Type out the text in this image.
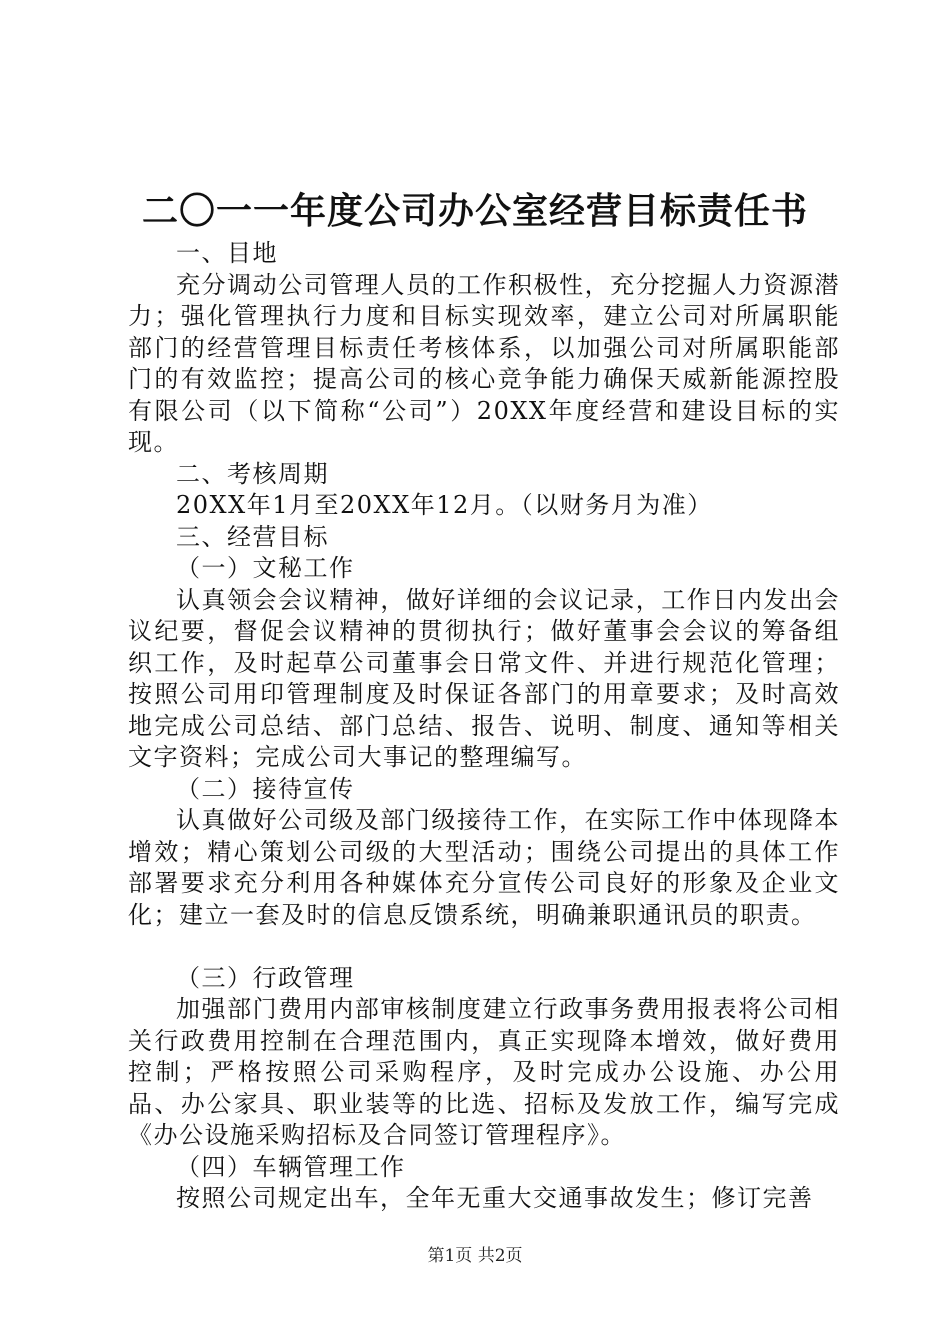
二〇一一年度公司办公室经营目标责任书

一、目地

充分调动公司管理人员的工作积极性，充分挖掘人力资源潜力；强化管理执行力度和目标实现效率，建立公司对所属职能部门的经营管理目标责任考核体系，以加强公司对所属职能部门的有效监控；提高公司的核心竞争能力确保天威新能源控股有限公司（以下简称“公司”）20XX年度经营和建设目标的实现。

二、考核周期

20XX年1月至20XX年12月。（以财务月为准）

三、经营目标

（一）文秘工作

认真领会会议精神，做好详细的会议记录，工作日内发出会议纪要，督促会议精神的贯彻执行；做好董事会会议的筹备组织工作，及时起草公司董事会日常文件、并进行规范化管理；按照公司用印管理制度及时保证各部门的用章要求；及时高效地完成公司总结、部门总结、报告、说明、制度、通知等相关文字资料；完成公司大事记的整理编写。

（二）接待宣传

认真做好公司级及部门级接待工作，在实际工作中体现降本增效；精心策划公司级的大型活动；围绕公司提出的具体工作部署要求充分利用各种媒体充分宣传公司良好的形象及企业文化；建立一套及时的信息反馈系统，明确兼职通讯员的职责。

（三）行政管理

加强部门费用内部审核制度建立行政事务费用报表将公司相关行政费用控制在合理范围内，真正实现降本增效，做好费用控制；严格按照公司采购程序，及时完成办公设施、办公用品、办公家具、职业装等的比选、招标及发放工作，编写完成《办公设施采购招标及合同签订管理程序》。

（四）车辆管理工作

按照公司规定出车，全年无重大交通事故发生；修订完善

第1页 共2页
